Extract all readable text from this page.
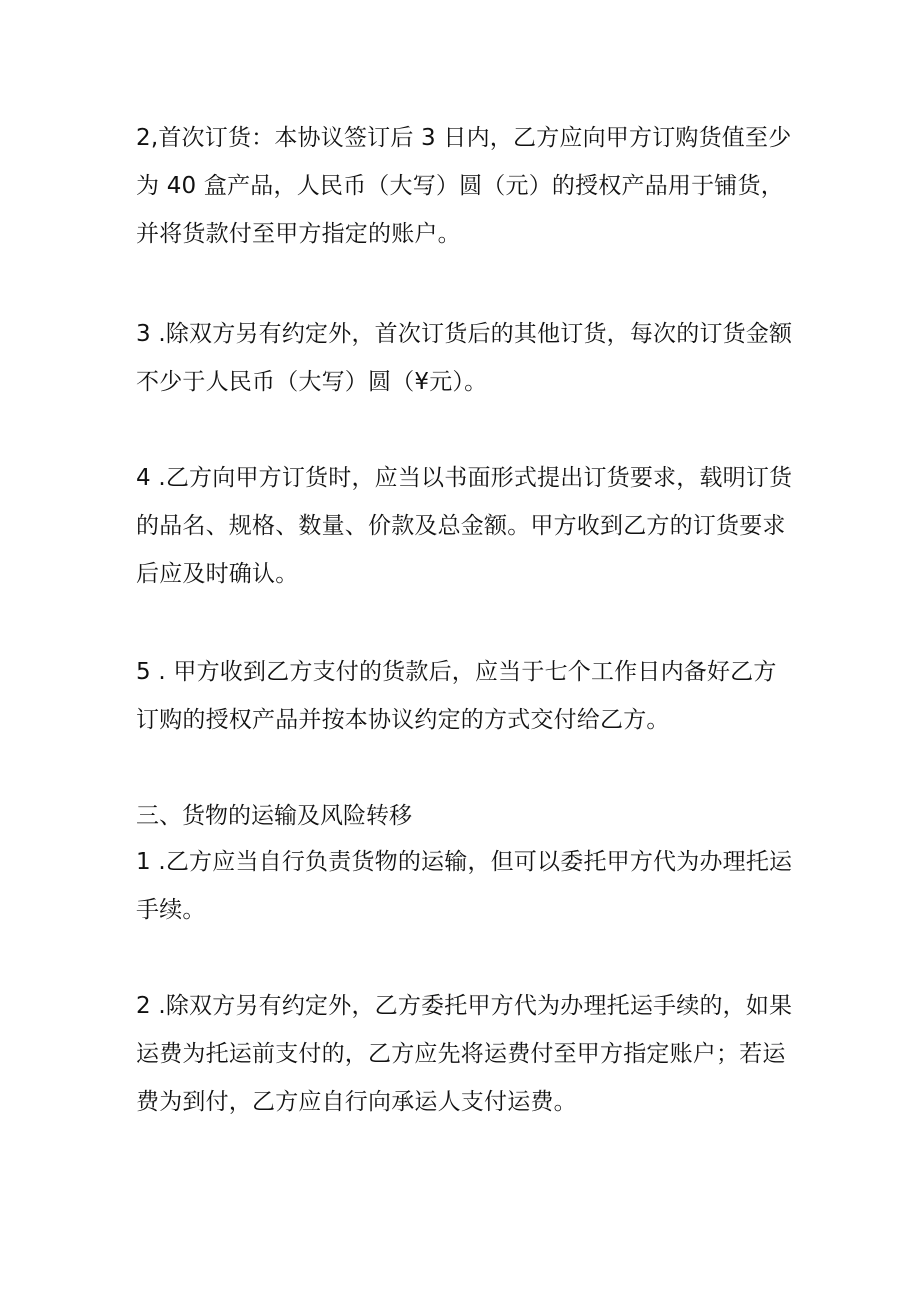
2,首次订货：本协议签订后 3 日内，乙方应向甲方订购货值至少
为 40 盒产品，人民币（大写）圆（元）的授权产品用于铺货，
并将货款付至甲方指定的账户。
3 .除双方另有约定外，首次订货后的其他订货，每次的订货金额
不少于人民币（大写）圆（¥元）。
4 .乙方向甲方订货时，应当以书面形式提出订货要求，载明订货
的品名、规格、数量、价款及总金额。甲方收到乙方的订货要求
后应及时确认。
5 . 甲方收到乙方支付的货款后，应当于七个工作日内备好乙方
订购的授权产品并按本协议约定的方式交付给乙方。
三、货物的运输及风险转移
1 .乙方应当自行负责货物的运输，但可以委托甲方代为办理托运
手续。
2 .除双方另有约定外，乙方委托甲方代为办理托运手续的，如果
运费为托运前支付的，乙方应先将运费付至甲方指定账户；若运
费为到付，乙方应自行向承运人支付运费。
